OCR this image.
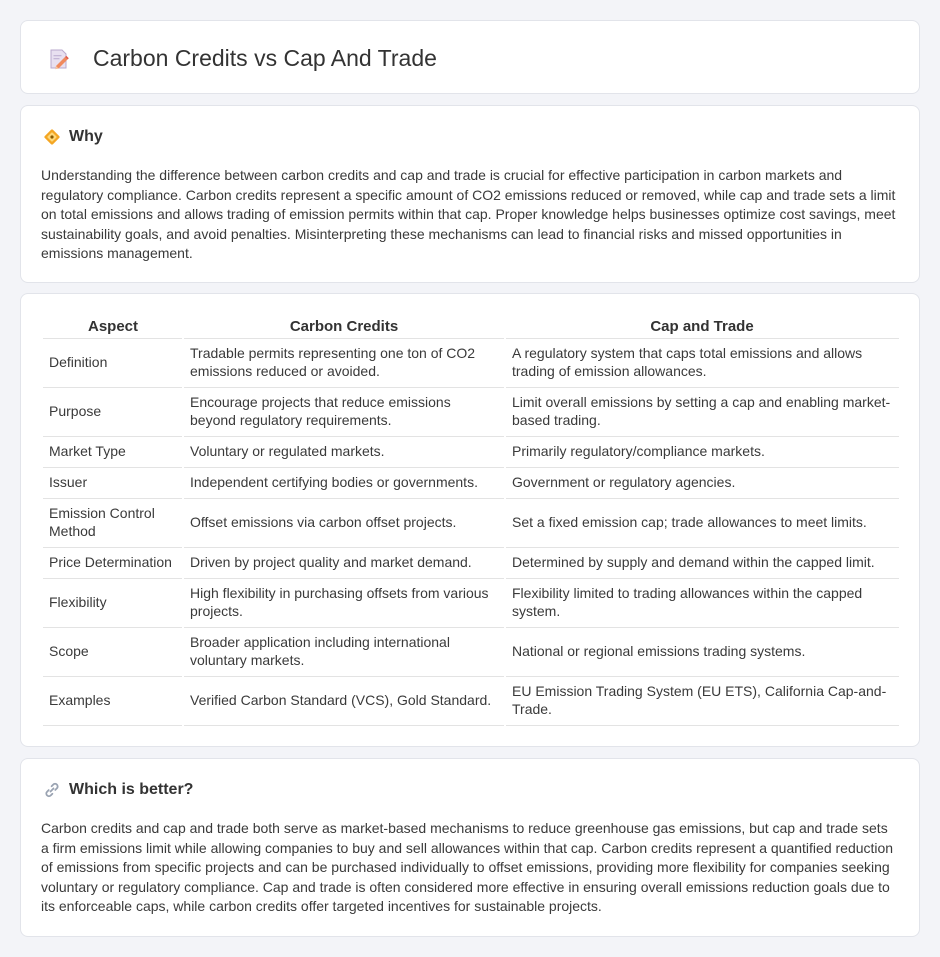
Carbon Credits vs Cap And Trade
Why

Understanding the difference between carbon credits and cap and trade is crucial for effective participation in carbon markets and regulatory compliance. Carbon credits represent a specific amount of CO2 emissions reduced or removed, while cap and trade sets a limit on total emissions and allows trading of emission permits within that cap. Proper knowledge helps businesses optimize cost savings, meet sustainability goals, and avoid penalties. Misinterpreting these mechanisms can lead to financial risks and missed opportunities in emissions management.

Aspect	Carbon Credits	Cap and Trade
Definition	Tradable permits representing one ton of CO2 emissions reduced or avoided.	A regulatory system that caps total emissions and allows trading of emission allowances.
Purpose	Encourage projects that reduce emissions beyond regulatory requirements.	Limit overall emissions by setting a cap and enabling market-based trading.
Market Type	Voluntary or regulated markets.	Primarily regulatory/compliance markets.
Issuer	Independent certifying bodies or governments.	Government or regulatory agencies.
Emission Control Method	Offset emissions via carbon offset projects.	Set a fixed emission cap; trade allowances to meet limits.
Price Determination	Driven by project quality and market demand.	Determined by supply and demand within the capped limit.
Flexibility	High flexibility in purchasing offsets from various projects.	Flexibility limited to trading allowances within the capped system.
Scope	Broader application including international voluntary markets.	National or regional emissions trading systems.
Examples	Verified Carbon Standard (VCS), Gold Standard.	EU Emission Trading System (EU ETS), California Cap-and-Trade.
Which is better?

Carbon credits and cap and trade both serve as market-based mechanisms to reduce greenhouse gas emissions, but cap and trade sets a firm emissions limit while allowing companies to buy and sell allowances within that cap. Carbon credits represent a quantified reduction of emissions from specific projects and can be purchased individually to offset emissions, providing more flexibility for companies seeking voluntary or regulatory compliance. Cap and trade is often considered more effective in ensuring overall emissions reduction goals due to its enforceable caps, while carbon credits offer targeted incentives for sustainable projects.
